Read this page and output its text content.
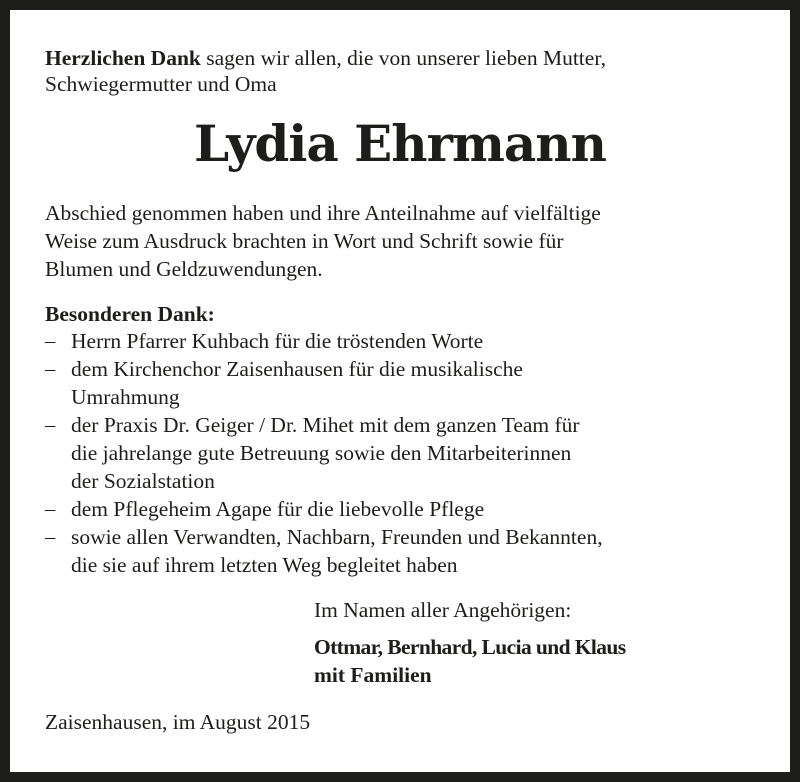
Herzlichen Dank sagen wir allen, die von unserer lieben Mutter,
Schwiegermutter und Oma
Lydia Ehrmann
Abschied genommen haben und ihre Anteilnahme auf vielfältige
Weise zum Ausdruck brachten in Wort und Schrift sowie für
Blumen und Geldzuwendungen.
Besonderen Dank:
– Herrn Pfarrer Kuhbach für die tröstenden Worte
– dem Kirchenchor Zaisenhausen für die musikalische
Umrahmung
– der Praxis Dr. Geiger / Dr. Mihet mit dem ganzen Team für
die jahrelange gute Betreuung sowie den Mitarbeiterinnen
der Sozialstation
– dem Pflegeheim Agape für die liebevolle Pflege
– sowie allen Verwandten, Nachbarn, Freunden und Bekannten,
die sie auf ihrem letzten Weg begleitet haben
Im Namen aller Angehörigen:
Ottmar, Bernhard, Lucia und Klaus
mit Familien
Zaisenhausen, im August 2015
